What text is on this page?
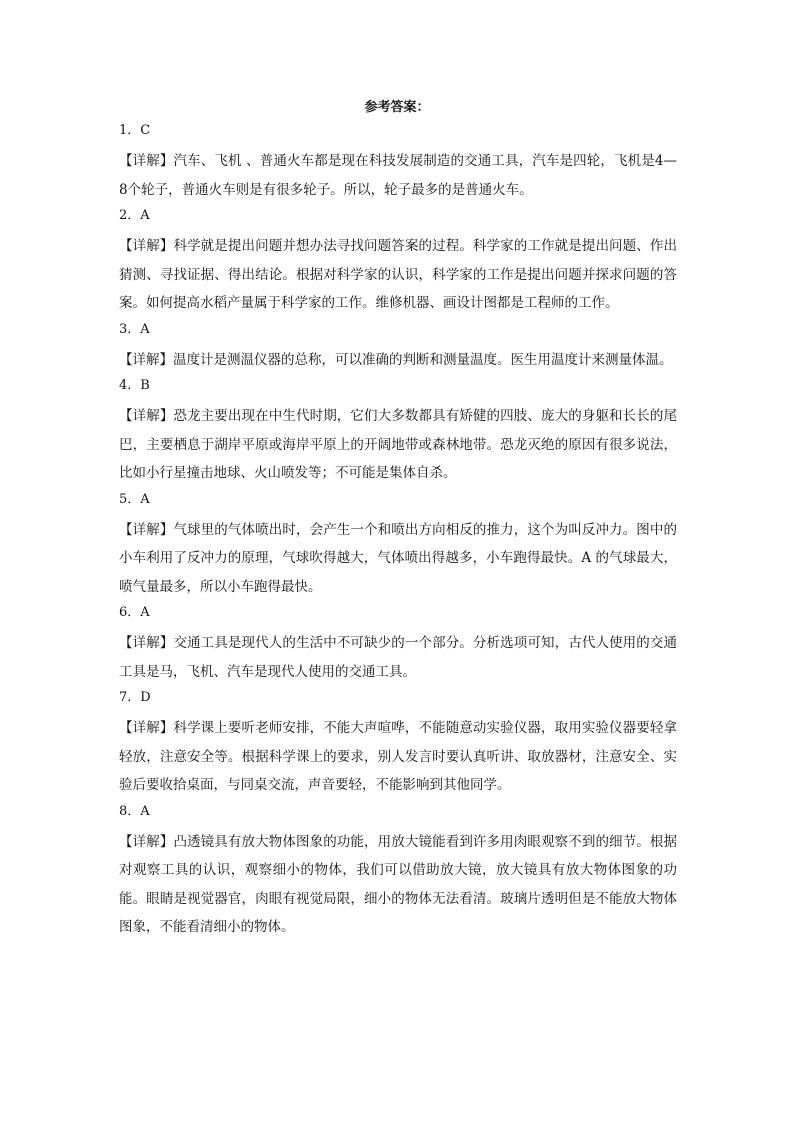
参考答案：
1．C
【详解】汽车、飞机 、普通火车都是现在科技发展制造的交通工具，汽车是四轮，飞机是4—8个轮子，普通火车则是有很多轮子。所以，轮子最多的是普通火车。
2．A
【详解】科学就是提出问题并想办法寻找问题答案的过程。科学家的工作就是提出问题、作出猜测、寻找证据、得出结论。根据对科学家的认识，科学家的工作是提出问题并探求问题的答案。如何提高水稻产量属于科学家的工作。维修机器、画设计图都是工程师的工作。
3．A
【详解】温度计是测温仪器的总称，可以准确的判断和测量温度。医生用温度计来测量体温。
4．B
【详解】恐龙主要出现在中生代时期，它们大多数都具有矫健的四肢、庞大的身躯和长长的尾巴，主要栖息于湖岸平原或海岸平原上的开阔地带或森林地带。恐龙灭绝的原因有很多说法，比如小行星撞击地球、火山喷发等；不可能是集体自杀。
5．A
【详解】气球里的气体喷出时，会产生一个和喷出方向相反的推力，这个为叫反冲力。图中的小车利用了反冲力的原理，气球吹得越大，气体喷出得越多，小车跑得最快。A 的气球最大，喷气量最多，所以小车跑得最快。
6．A
【详解】交通工具是现代人的生活中不可缺少的一个部分。分析选项可知，古代人使用的交通工具是马，飞机、汽车是现代人使用的交通工具。
7．D
【详解】科学课上要听老师安排，不能大声喧哗，不能随意动实验仪器，取用实验仪器要轻拿轻放，注意安全等。根据科学课上的要求，别人发言时要认真听讲、取放器材，注意安全、实验后要收拾桌面，与同桌交流，声音要轻，不能影响到其他同学。
8．A
【详解】凸透镜具有放大物体图象的功能，用放大镜能看到许多用肉眼观察不到的细节。根据对观察工具的认识，观察细小的物体，我们可以借助放大镜，放大镜具有放大物体图象的功能。眼睛是视觉器官，肉眼有视觉局限，细小的物体无法看清。玻璃片透明但是不能放大物体图象，不能看清细小的物体。
